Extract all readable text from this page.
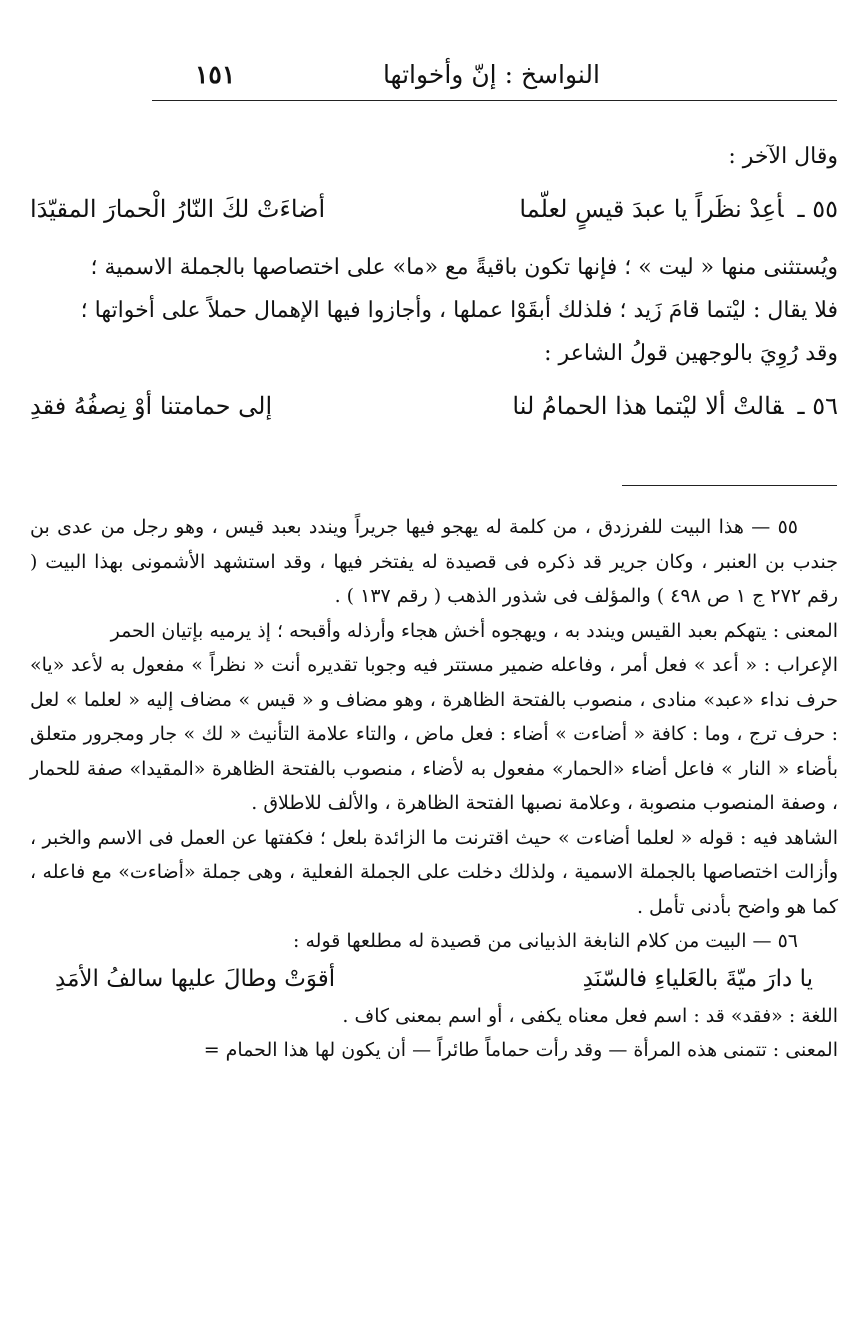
النواسخ : إنّ وأخواتها
١٥١

وقال الآخر :

٥٥ ـأعِدْ نظَراً يا عبدَ قيسٍ لعلّما
أضاءَتْ لكَ النّارُ الْحمارَ المقيّدَا

ويُستثنى منها « ليت » ؛ فإنها تكون باقيةً مع «ما» على اختصاصها بالجملة الاسمية ؛

فلا يقال : ليْتما قامَ زَيد ؛ فلذلك أبقَوْا عملها ، وأجازوا فيها الإهمال حملاً على أخواتها ؛

وقد رُوِيَ بالوجهين قولُ الشاعر :

٥٦ ـقالتْ ألا ليْتما هذا الحمامُ لنا
إلى حمامتنا أوْ نِصفُهُ فقدِ

٥٥ — هذا البيت للفرزدق ، من كلمة له يهجو فيها جريراً ويندد بعبد قيس ، وهو رجل من عدى بن جندب بن العنبر ، وكان جرير قد ذكره فى قصيدة له يفتخر فيها ، وقد استشهد الأشمونى بهذا البيت ( رقم ٢٧٢ ج ١ ص ٤٩٨ ) والمؤلف فى شذور الذهب ( رقم ١٣٧ ) .

المعنى : يتهكم بعبد القيس ويندد به ، ويهجوه أخش هجاء وأرذله وأقبحه ؛ إذ يرميه بإتيان الحمر

الإعراب : « أعد » فعل أمر ، وفاعله ضمير مستتر فيه وجوبا تقديره أنت « نظراً » مفعول به لأعد «يا» حرف نداء «عبد» منادى ، منصوب بالفتحة الظاهرة ، وهو مضاف و « قيس » مضاف إليه « لعلما » لعل : حرف ترج ، وما : كافة « أضاءت » أضاء : فعل ماض ، والتاء علامة التأنيث « لك » جار ومجرور متعلق بأضاء « النار » فاعل أضاء «الحمار» مفعول به لأضاء ، منصوب بالفتحة الظاهرة «المقيدا» صفة للحمار ، وصفة المنصوب منصوبة ، وعلامة نصبها الفتحة الظاهرة ، والألف للاطلاق .

الشاهد فيه : قوله « لعلما أضاءت » حيث اقترنت ما الزائدة بلعل ؛ فكفتها عن العمل فى الاسم والخبر ، وأزالت اختصاصها بالجملة الاسمية ، ولذلك دخلت على الجملة الفعلية ، وهى جملة «أضاءت» مع فاعله ، كما هو واضح بأدنى تأمل .

٥٦ — البيت من كلام النابغة الذبيانى من قصيدة له مطلعها قوله :

يا دارَ ميّةَ بالعَلياءِ فالسّنَدِ
أقوَتْ وطالَ عليها سالفُ الأمَدِ

اللغة : «فقد» قد : اسم فعل معناه يكفى ، أو اسم بمعنى كاف .

المعنى : تتمنى هذه المرأة — وقد رأت حماماً طائراً — أن يكون لها هذا الحمام =
